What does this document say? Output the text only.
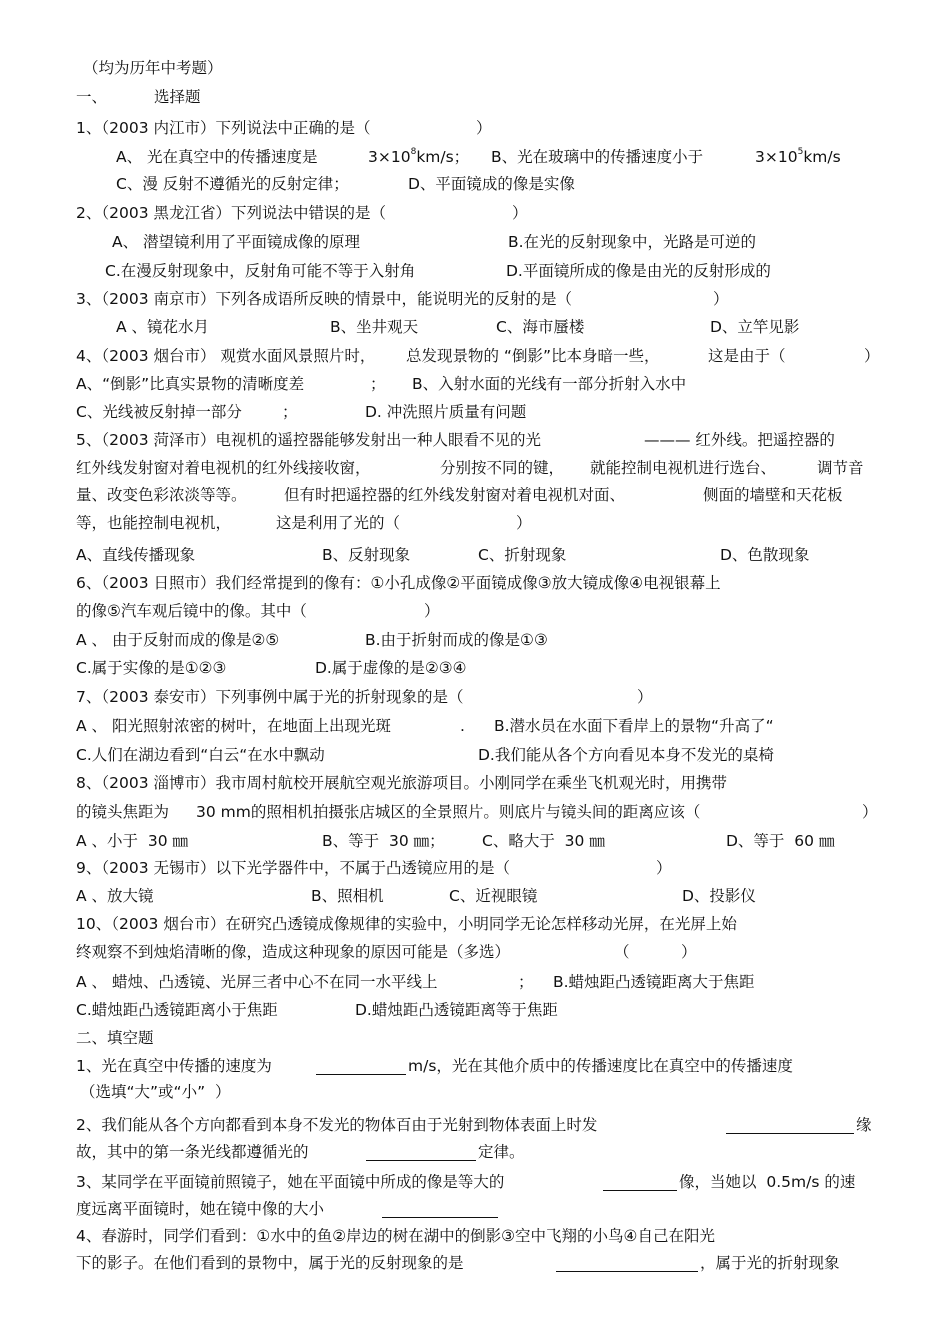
（均为历年中考题）
一、	选择题
1、（2003 内江市）下列说法中正确的是（	）
A、 光在真空中的传播速度是	$3\times 10^8km/s$； B、光在玻璃中的传播速度小于	$3\times 10^5km/s$
C、漫 反射不遵循光的反射定律；	D、平面镜成的像是实像
2、（2003 黑龙江省）下列说法中错误的是（	）
A、 潜望镜利用了平面镜成像的原理	B.在光的反射现象中，光路是可逆的
C.在漫反射现象中，反射角可能不等于入射角	D.平面镜所成的像是由光的反射形成的
3、（2003 南京市）下列各成语所反映的情景中，能说明光的反射的是（	）
A 、镜花水月	B、坐井观天	C、海市蜃楼	D、立竿见影
4、（2003 烟台市） 观赏水面风景照片时， 总发现景物的 “倒影”比本身暗一些，	这是由于（	）
A、“倒影”比真实景物的清晰度差	； B、入射水面的光线有一部分折射入水中
C、光线被反射掉一部分	；	D. 冲洗照片质量有问题
5、（2003 菏泽市）电视机的遥控器能够发射出一种人眼看不见的光	——— 红外线。把遥控器的
红外线发射窗对着电视机的红外线接收窗，	分别按不同的键， 就能控制电视机进行选台、	调节音
量、改变色彩浓淡等等。 但有时把遥控器的红外线发射窗对着电视机对面、	侧面的墙壁和天花板
等，也能控制电视机，	这是利用了光的（	）
A、直线传播现象	B、反射现象	C、折射现象	D、色散现象
6、（2003 日照市）我们经常提到的像有：①小孔成像②平面镜成像③放大镜成像④电视银幕上
的像⑤汽车观后镜中的像。其中（	）
A 、 由于反射而成的像是②⑤	B.由于折射而成的像是①③
C.属于实像的是①②③	D.属于虚像的是②③④
7、（2003 泰安市）下列事例中属于光的折射现象的是（	）
A 、 阳光照射浓密的树叶，在地面上出现光斑	. B.潜水员在水面下看岸上的景物“升高了“
C.人们在湖边看到“白云“在水中飘动	D.我们能从各个方向看见本身不发光的桌椅
8、（2003 淄博市）我市周村航校开展航空观光旅游项目。小刚同学在乘坐飞机观光时，用携带
的镜头焦距为 30 mm的照相机拍摄张店城区的全景照片。则底片与镜头间的距离应该（	）
A 、小于  30 ㎜	B、等于  30 ㎜； C、略大于  30 ㎜	D、等于  60 ㎜
9、（2003 无锡市）以下光学器件中，不属于凸透镜应用的是（	）
A 、放大镜	B、照相机	C、近视眼镜	D、投影仪
10、（2003 烟台市）在研究凸透镜成像规律的实验中，小明同学无论怎样移动光屏，在光屏上始
终观察不到烛焰清晰的像，造成这种现象的原因可能是（多选）	（	）
A 、 蜡烛、凸透镜、光屏三者中心不在同一水平线上	； B.蜡烛距凸透镜距离大于焦距
C.蜡烛距凸透镜距离小于焦距	D.蜡烛距凸透镜距离等于焦距
二、填空题
1、光在真空中传播的速度为	m/s，光在其他介质中的传播速度比在真空中的传播速度
（选填“大”或“小”  ）
2、我们能从各个方向都看到本身不发光的物体百由于光射到物体表面上时发	缘
故，其中的第一条光线都遵循光的	定律。
3、某同学在平面镜前照镜子，她在平面镜中所成的像是等大的	像，当她以  0.5m/s 的速
度远离平面镜时，她在镜中像的大小
4、春游时，同学们看到：①水中的鱼②岸边的树在湖中的倒影③空中飞翔的小鸟④自己在阳光
下的影子。在他们看到的景物中，属于光的反射现象的是	，属于光的折射现象
